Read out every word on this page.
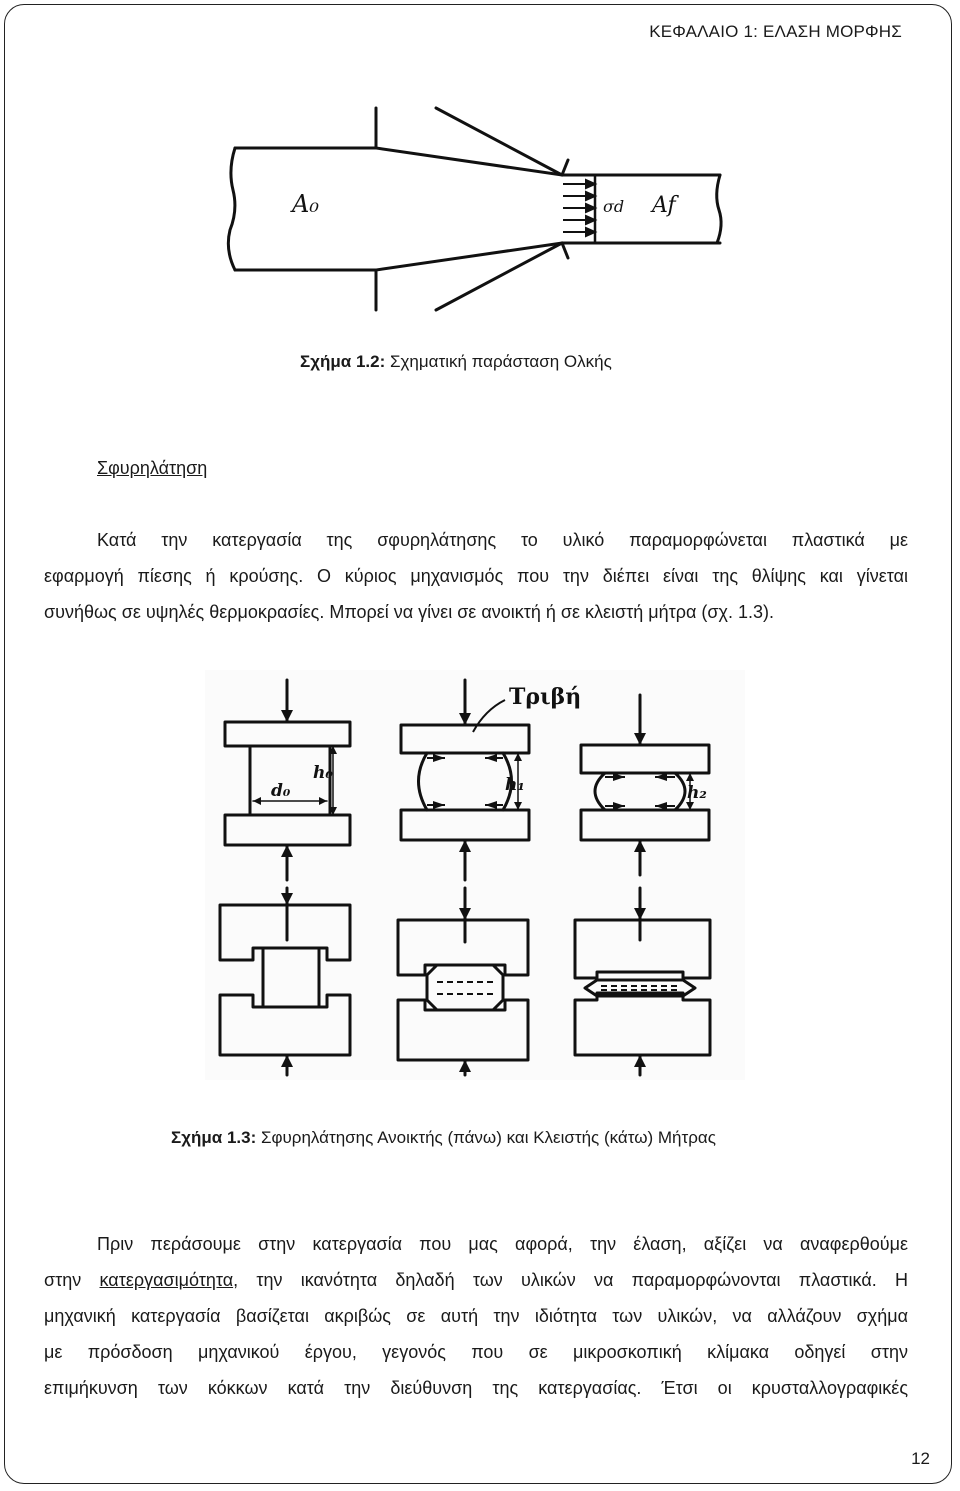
ΚΕΦΑΛΑΙΟ 1: ΕΛΑΣΗ ΜΟΡΦΗΣ
A₀	σd Af
Σχήμα 1.2: Σχηματική παράσταση Ολκής
Σφυρηλάτηση
Κατά την κατεργασία της σφυρηλάτησης το υλικό παραμορφώνεται πλαστικά με
εφαρμογή πίεσης ή κρούσης. Ο κύριος μηχανισμός που την διέπει είναι της θλίψης και γίνεται
συνήθως σε υψηλές θερμοκρασίες. Μπορεί να γίνει σε ανοικτή ή σε κλειστή μήτρα (σχ. 1.3).
Τριβή
h₀
d₀	h₁	h₂
Σχήμα 1.3: Σφυρηλάτησης Ανοικτής (πάνω) και Κλειστής (κάτω) Μήτρας
Πριν περάσουμε στην κατεργασία που μας αφορά, την έλαση, αξίζει να αναφερθούμε
στην κατεργασιμότητα, την ικανότητα δηλαδή των υλικών να παραμορφώνονται πλαστικά. Η
μηχανική κατεργασία βασίζεται ακριβώς σε αυτή την ιδιότητα των υλικών, να αλλάζουν σχήμα
με πρόσδοση μηχανικού έργου, γεγονός που σε μικροσκοπική κλίμακα οδηγεί στην
επιμήκυνση των κόκκων κατά την διεύθυνση της κατεργασίας. Έτσι οι κρυσταλλογραφικές
12
